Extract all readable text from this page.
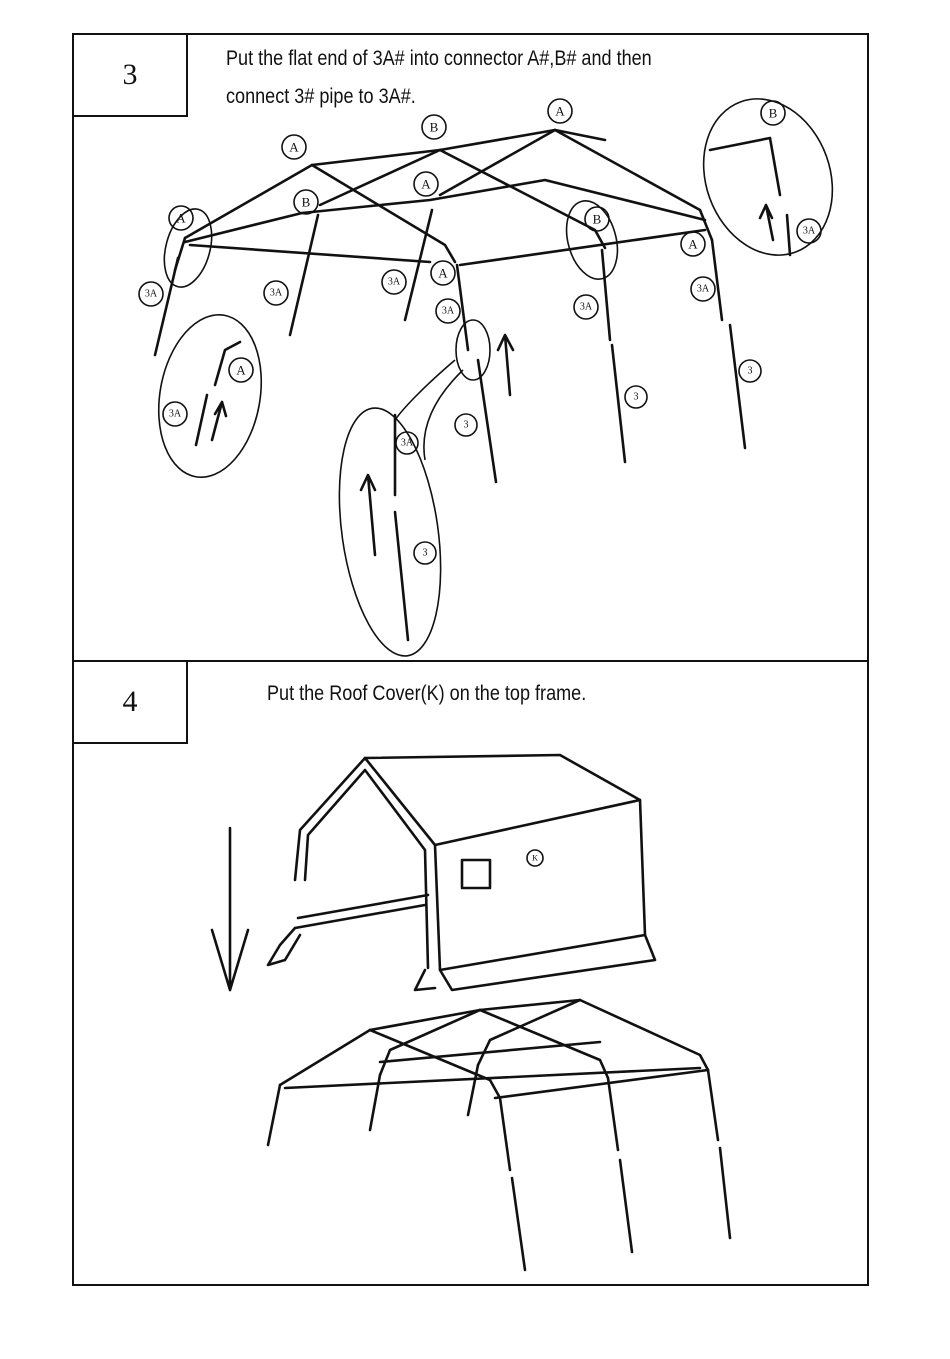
3	Put the flat end of 3A# into connector A#,B# and then
connect 3# pipe to 3A#.
4	Put the Roof Cover(K) on the top frame.
A
B
A
B
A
A	B
A
A
3A	3A
3A
3A	3A
3A
3
3
3
A
3A
B
3A
3A
3
K
